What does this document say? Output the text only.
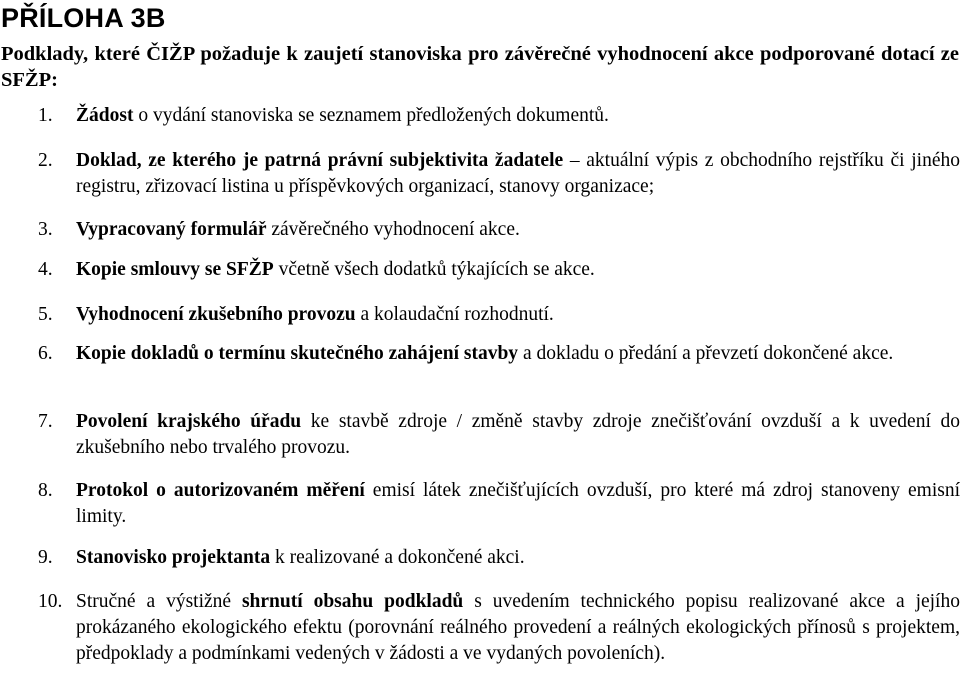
PŘÍLOHA 3B

Podklady, které ČIŽP požaduje k zaujetí stanoviska pro závěrečné vyhodnocení akce podporované dotací ze SFŽP:

1. Žádost o vydání stanoviska se seznamem předložených dokumentů.
2. Doklad, ze kterého je patrná právní subjektivita žadatele – aktuální výpis z obchodního rejstříku či jiného registru, zřizovací listina u příspěvkových organizací, stanovy organizace;
3. Vypracovaný formulář závěrečného vyhodnocení akce.
4. Kopie smlouvy se SFŽP včetně všech dodatků týkajících se akce.
5. Vyhodnocení zkušebního provozu a kolaudační rozhodnutí.
6. Kopie dokladů o termínu skutečného zahájení stavby a dokladu o předání a převzetí dokončené akce.
7. Povolení krajského úřadu ke stavbě zdroje / změně stavby zdroje znečišťování ovzduší a k uvedení do zkušebního nebo trvalého provozu.
8. Protokol o autorizovaném měření emisí látek znečišťujících ovzduší, pro které má zdroj stanoveny emisní limity.
9. Stanovisko projektanta k realizované a dokončené akci.
10. Stručné a výstižné shrnutí obsahu podkladů s uvedením technického popisu realizované akce a jejího prokázaného ekologického efektu (porovnání reálného provedení a reálných ekologických přínosů s projektem, předpoklady a podmínkami vedených v žádosti a ve vydaných povoleních).
